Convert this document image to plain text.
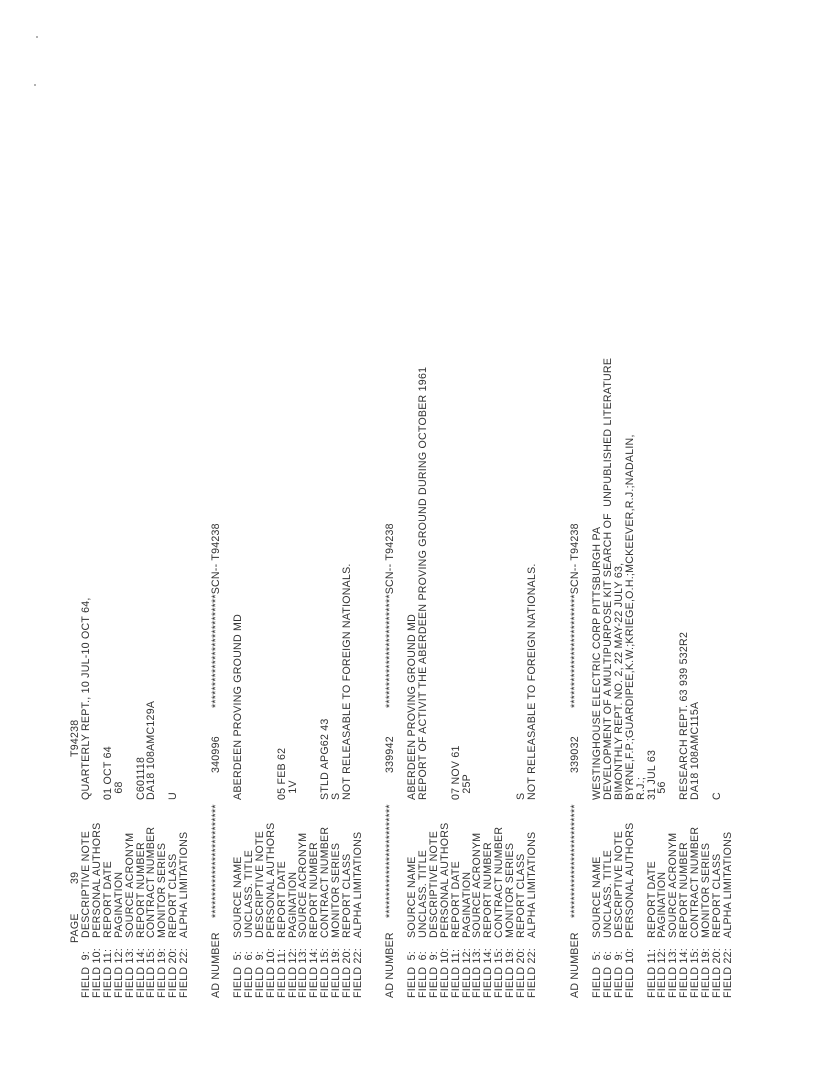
PAGE
39
T94238
FIELD  9:
DESCRIPTIVE NOTE
QUARTERLY REPT., 10 JUL-10 OCT 64,
FIELD 10:
PERSONAL AUTHORS
FIELD 11:
REPORT DATE
01 OCT 64
FIELD 12:
PAGINATION
68
FIELD 13:
SOURCE ACRONYM
FIELD 14:
REPORT NUMBER
C601118
FIELD 15:
CONTRACT NUMBER
DA18 108AMC129A
FIELD 19:
MONITOR SERIES
FIELD 20:
REPORT CLASS
U
FIELD 22:
ALPHA LIMITATIONS
AD NUMBER
**************************
340996
**************************SCN-- T94238
FIELD  5:
SOURCE NAME
ABERDEEN PROVING GROUND MD
FIELD  6:
UNCLASS. TITLE
FIELD  9:
DESCRIPTIVE NOTE
FIELD 10:
PERSONAL AUTHORS
FIELD 11:
REPORT DATE
05 FEB 62
FIELD 12:
PAGINATION
1V
FIELD 13:
SOURCE ACRONYM
FIELD 14:
REPORT NUMBER
FIELD 15:
CONTRACT NUMBER
STLD APG62 43
FIELD 19:
MONITOR SERIES
S
FIELD 20:
REPORT CLASS
NOT RELEASABLE TO FOREIGN NATIONALS.
FIELD 22:
ALPHA LIMITATIONS
AD NUMBER
**************************
339942
**************************SCN-- T94238
FIELD  5:
SOURCE NAME
ABERDEEN PROVING GROUND MD
FIELD  6:
UNCLASS. TITLE
REPORT OF ACTIVIT THE ABERDEEN PROVING GROUND DURING OCTOBER 1961
FIELD  9:
DESCRIPTIVE NOTE
FIELD 10:
PERSONAL AUTHORS
FIELD 11:
REPORT DATE
07 NOV 61
FIELD 12:
PAGINATION
25P
FIELD 13:
SOURCE ACRONYM
FIELD 14:
REPORT NUMBER
FIELD 15:
CONTRACT NUMBER
FIELD 19:
MONITOR SERIES
FIELD 20:
REPORT CLASS
S
FIELD 22:
ALPHA LIMITATIONS
NOT RELEASABLE TO FOREIGN NATIONALS.
AD NUMBER
**************************
339032
**************************SCN-- T94238
FIELD  5:
SOURCE NAME
WESTINGHOUSE ELECTRIC CORP PITTSBURGH PA
FIELD  6:
UNCLASS. TITLE
DEVELOPMENT OF A MULTIPURPOSE KIT SEARCH OF  UNPUBLISHED LITERATURE
FIELD  9:
DESCRIPTIVE NOTE
BIMONTHLY REPT. NO. 2, 22 MAY-22 JULY 63,
FIELD 10:
PERSONAL AUTHORS
BYRNE,F.P.;GUARDIPEE,K.W.;KRIEGE,O.H.;MCKEEVER,R.J.;NADALIN,
R.J.;
FIELD 11:
REPORT DATE
31 JUL 63
FIELD 12:
PAGINATION
56
FIELD 13:
SOURCE ACRONYM
FIELD 14:
REPORT NUMBER
RESEARCH REPT. 63 939 532R2
FIELD 15:
CONTRACT NUMBER
DA18 108AMC115A
FIELD 19:
MONITOR SERIES
FIELD 20:
REPORT CLASS
C
FIELD 22:
ALPHA LIMITATIONS
